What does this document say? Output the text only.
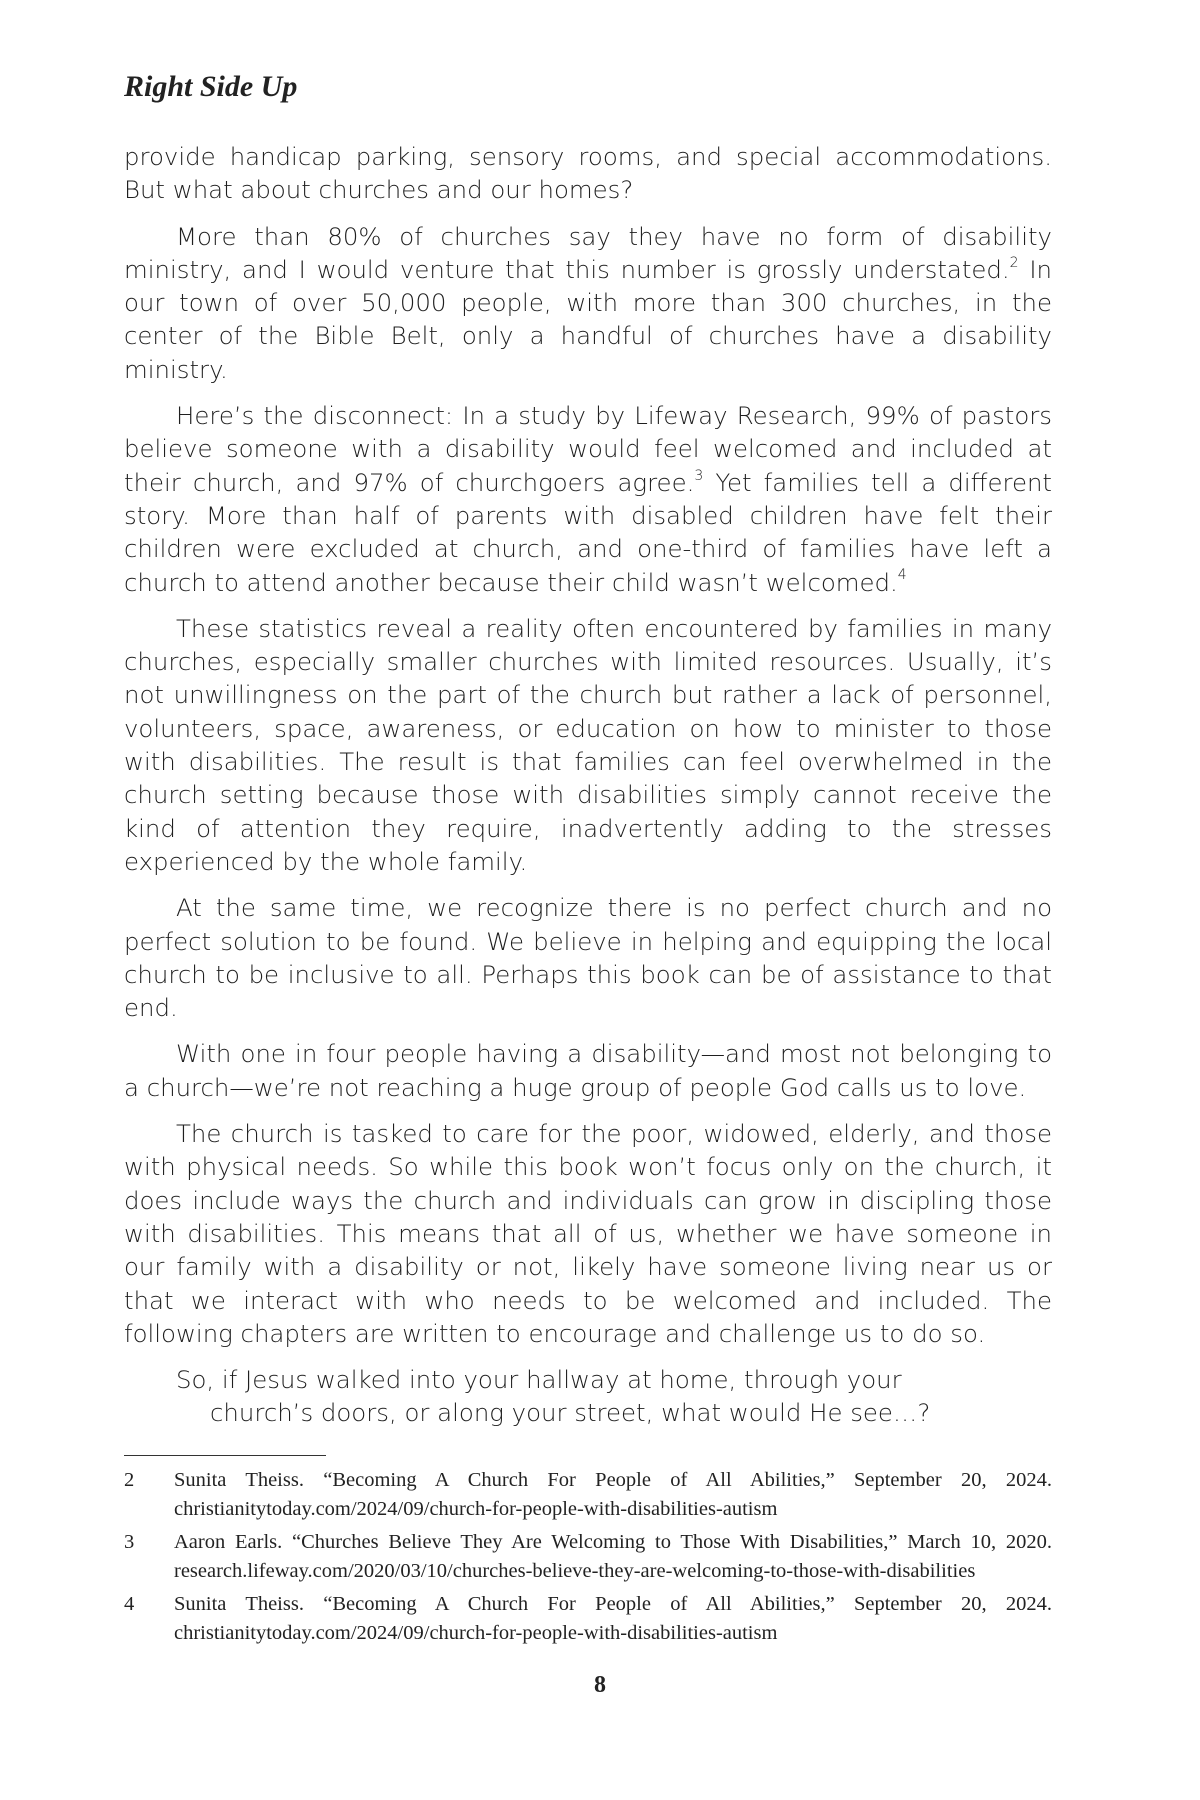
Right Side Up

provide handicap parking, sensory rooms, and special accommodations. But what about churches and our homes?

More than 80% of churches say they have no form of disability ministry, and I would venture that this number is grossly understated.$^2$ In our town of over 50,000 people, with more than 300 churches, in the center of the Bible Belt, only a handful of churches have a disability ministry.

Here’s the disconnect: In a study by Lifeway Research, 99% of pastors believe someone with a disability would feel welcomed and included at their church, and 97% of churchgoers agree.$^3$ Yet families tell a different story. More than half of parents with disabled children have felt their children were excluded at church, and one-third of families have left a church to attend another because their child wasn’t welcomed.$^4$

These statistics reveal a reality often encountered by families in many churches, especially smaller churches with limited resources. Usually, it’s not unwillingness on the part of the church but rather a lack of personnel, volunteers, space, awareness, or education on how to minister to those with disabilities. The result is that families can feel overwhelmed in the church setting because those with disabilities simply cannot receive the kind of attention they require, inadvertently adding to the stresses experienced by the whole family.

At the same time, we recognize there is no perfect church and no perfect solution to be found. We believe in helping and equipping the local church to be inclusive to all. Perhaps this book can be of assistance to that end.

With one in four people having a disability—and most not belonging to a church—we’re not reaching a huge group of people God calls us to love.

The church is tasked to care for the poor, widowed, elderly, and those with physical needs. So while this book won’t focus only on the church, it does include ways the church and individuals can grow in discipling those with disabilities. This means that all of us, whether we have someone in our family with a disability or not, likely have someone living near us or that we interact with who needs to be welcomed and included. The following chapters are written to encourage and challenge us to do so.

So, if Jesus walked into your hallway at home, through your
church’s doors, or along your street, what would He see…?

2	Sunita Theiss. “Becoming A Church For People of All Abilities,” September 20, 2024. christianitytoday.com/2024/09/church-for-people-with-disabilities-autism
3	Aaron Earls. “Churches Believe They Are Welcoming to Those With Disabilities,” March 10, 2020. research.lifeway.com/2020/03/10/churches-believe-they-are-welcoming-to-those-with-disabilities
4	Sunita Theiss. “Becoming A Church For People of All Abilities,” September 20, 2024. christianitytoday.com/2024/09/church-for-people-with-disabilities-autism
8
